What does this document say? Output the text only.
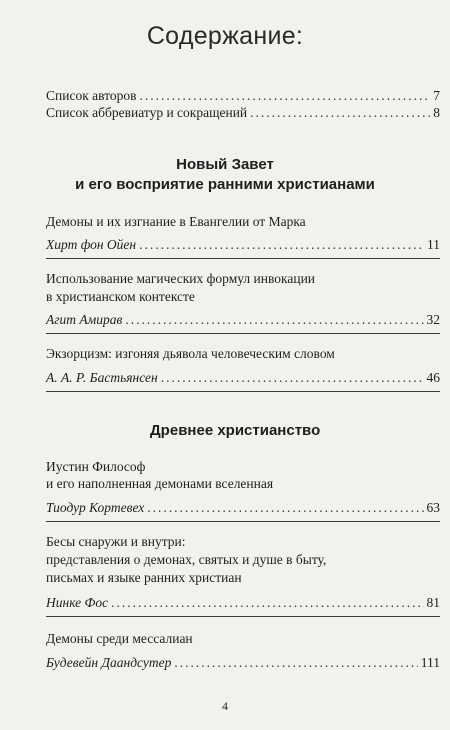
Содержание:
Список авторов .....	7
Список аббревиатур и сокращений .....	8
Новый Завет
и его восприятие ранними христианами
Демоны и их изгнание в Евангелии от Марка
Хирт фон Ойен .....	11
Использование магических формул инвокации
в христианском контексте
Агит Амирав .....	32
Экзорцизм: изгоняя дьявола человеческим словом
А. А. Р. Бастьянсен .....	46
Древнее христианство
Иустин Философ
и его наполненная демонами вселенная
Тиодур Кортевех .....	63
Бесы снаружи и внутри:
представления о демонах, святых и душе в быту,
письмах и языке ранних христиан
Нинке Фос .....	81
Демоны среди мессалиан
Будевейн Даандсутер .....	111
4
